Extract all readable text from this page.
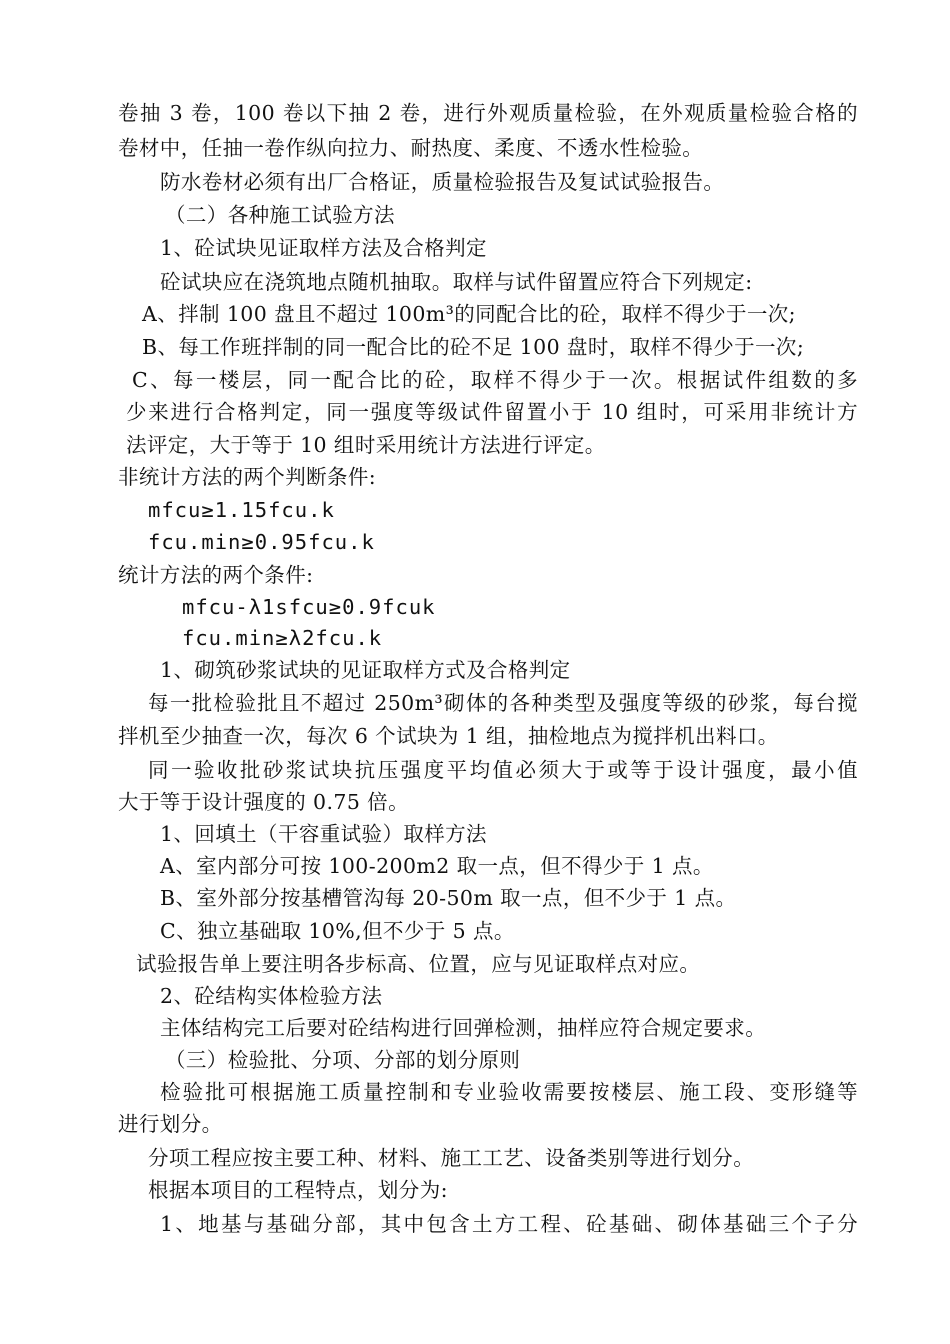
卷抽 3 卷，100 卷以下抽 2 卷，进行外观质量检验，在外观质量检验合格的
卷材中，任抽一卷作纵向拉力、耐热度、柔度、不透水性检验。
防水卷材必须有出厂合格证，质量检验报告及复试试验报告。
（二）各种施工试验方法
1、砼试块见证取样方法及合格判定
砼试块应在浇筑地点随机抽取。取样与试件留置应符合下列规定:
A、拌制 100 盘且不超过 100m³的同配合比的砼，取样不得少于一次;
B、每工作班拌制的同一配合比的砼不足 100 盘时，取样不得少于一次;
C、每一楼层，同一配合比的砼，取样不得少于一次。根据试件组数的多
少来进行合格判定，同一强度等级试件留置小于 10 组时，可采用非统计方
法评定，大于等于 10 组时采用统计方法进行评定。
非统计方法的两个判断条件:
mfcu≥1.15fcu.k
fcu.min≥0.95fcu.k
统计方法的两个条件:
mfcu-λ1sfcu≥0.9fcuk
fcu.min≥λ2fcu.k
1、砌筑砂浆试块的见证取样方式及合格判定
每一批检验批且不超过 250m³砌体的各种类型及强度等级的砂浆，每台搅
拌机至少抽查一次，每次 6 个试块为 1 组，抽检地点为搅拌机出料口。
同一验收批砂浆试块抗压强度平均值必须大于或等于设计强度，最小值
大于等于设计强度的 0.75 倍。
1、回填土（干容重试验）取样方法
A、室内部分可按 100-200m2 取一点，但不得少于 1 点。
B、室外部分按基槽管沟每 20-50m 取一点，但不少于 1 点。
C、独立基础取 10%,但不少于 5 点。
试验报告单上要注明各步标高、位置，应与见证取样点对应。
2、砼结构实体检验方法
主体结构完工后要对砼结构进行回弹检测，抽样应符合规定要求。
（三）检验批、分项、分部的划分原则
检验批可根据施工质量控制和专业验收需要按楼层、施工段、变形缝等
进行划分。
分项工程应按主要工种、材料、施工工艺、设备类别等进行划分。
根据本项目的工程特点，划分为:
1、地基与基础分部，其中包含土方工程、砼基础、砌体基础三个子分
